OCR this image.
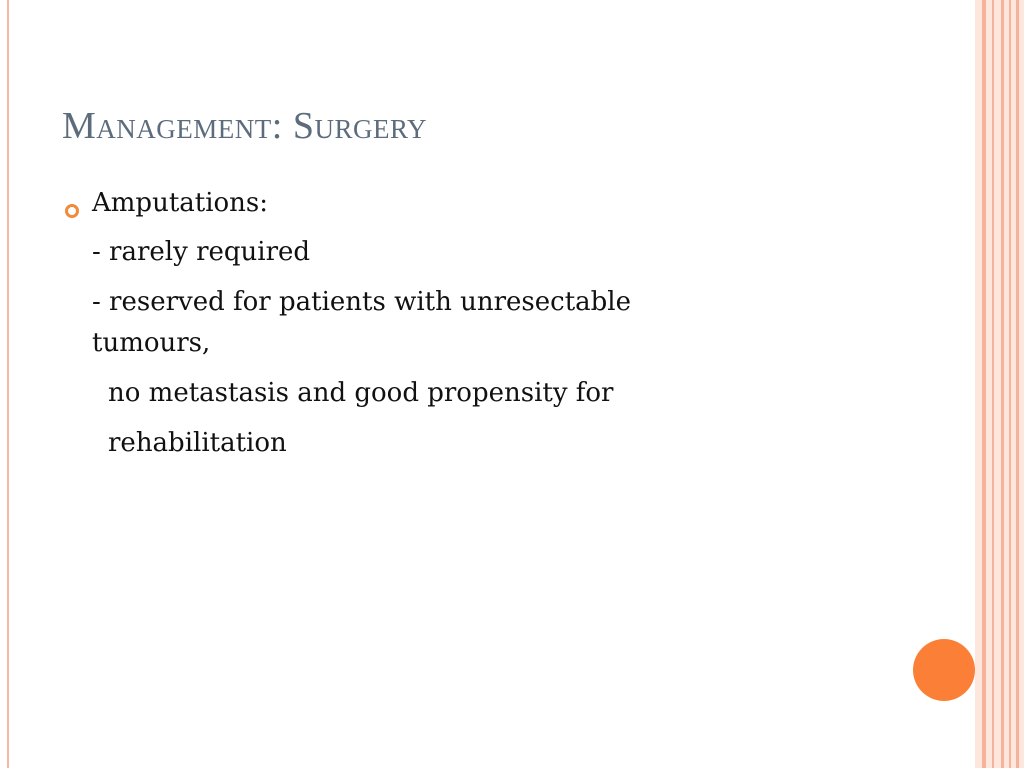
Management: Surgery
Amputations:
- rarely required
- reserved for patients with unresectable
tumours,
no metastasis and good propensity for
rehabilitation
